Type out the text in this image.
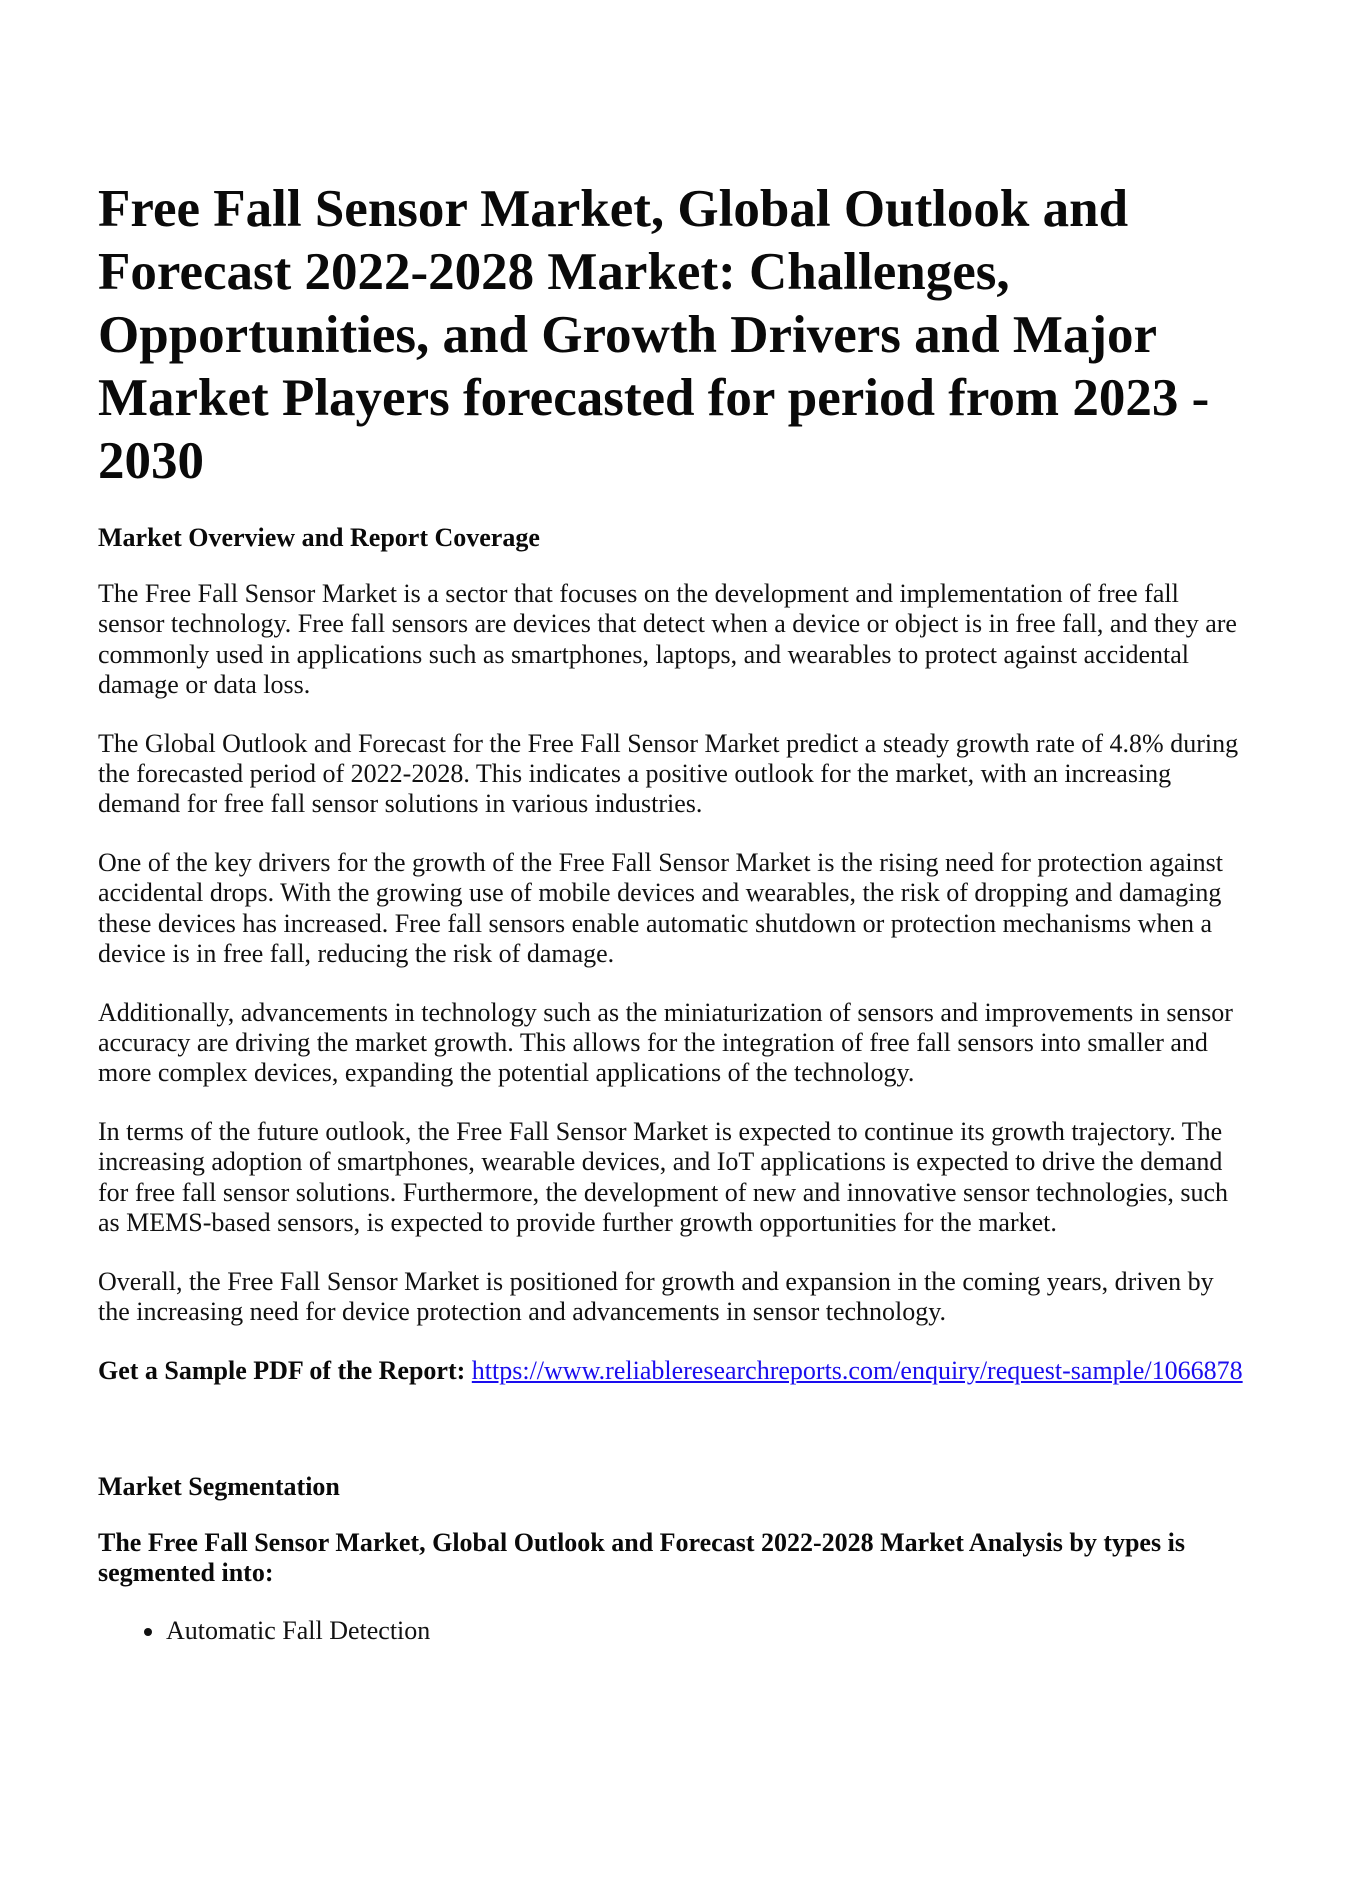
Free Fall Sensor Market, Global Outlook and Forecast 2022-2028 Market: Challenges, Opportunities, and Growth Drivers and Major Market Players forecasted for period from 2023 - 2030
Market Overview and Report Coverage

The Free Fall Sensor Market is a sector that focuses on the development and implementation of free fall sensor technology. Free fall sensors are devices that detect when a device or object is in free fall, and they are commonly used in applications such as smartphones, laptops, and wearables to protect against accidental damage or data loss.

The Global Outlook and Forecast for the Free Fall Sensor Market predict a steady growth rate of 4.8% during the forecasted period of 2022-2028. This indicates a positive outlook for the market, with an increasing demand for free fall sensor solutions in various industries.

One of the key drivers for the growth of the Free Fall Sensor Market is the rising need for protection against accidental drops. With the growing use of mobile devices and wearables, the risk of dropping and damaging these devices has increased. Free fall sensors enable automatic shutdown or protection mechanisms when a device is in free fall, reducing the risk of damage.

Additionally, advancements in technology such as the miniaturization of sensors and improvements in sensor accuracy are driving the market growth. This allows for the integration of free fall sensors into smaller and more complex devices, expanding the potential applications of the technology.

In terms of the future outlook, the Free Fall Sensor Market is expected to continue its growth trajectory. The increasing adoption of smartphones, wearable devices, and IoT applications is expected to drive the demand for free fall sensor solutions. Furthermore, the development of new and innovative sensor technologies, such as MEMS-based sensors, is expected to provide further growth opportunities for the market.

Overall, the Free Fall Sensor Market is positioned for growth and expansion in the coming years, driven by the increasing need for device protection and advancements in sensor technology.

Get a Sample PDF of the Report: https://www.reliableresearchreports.com/enquiry/request-sample/1066878

Market Segmentation
The Free Fall Sensor Market, Global Outlook and Forecast 2022-2028 Market Analysis by types is segmented into:
• Automatic Fall Detection
